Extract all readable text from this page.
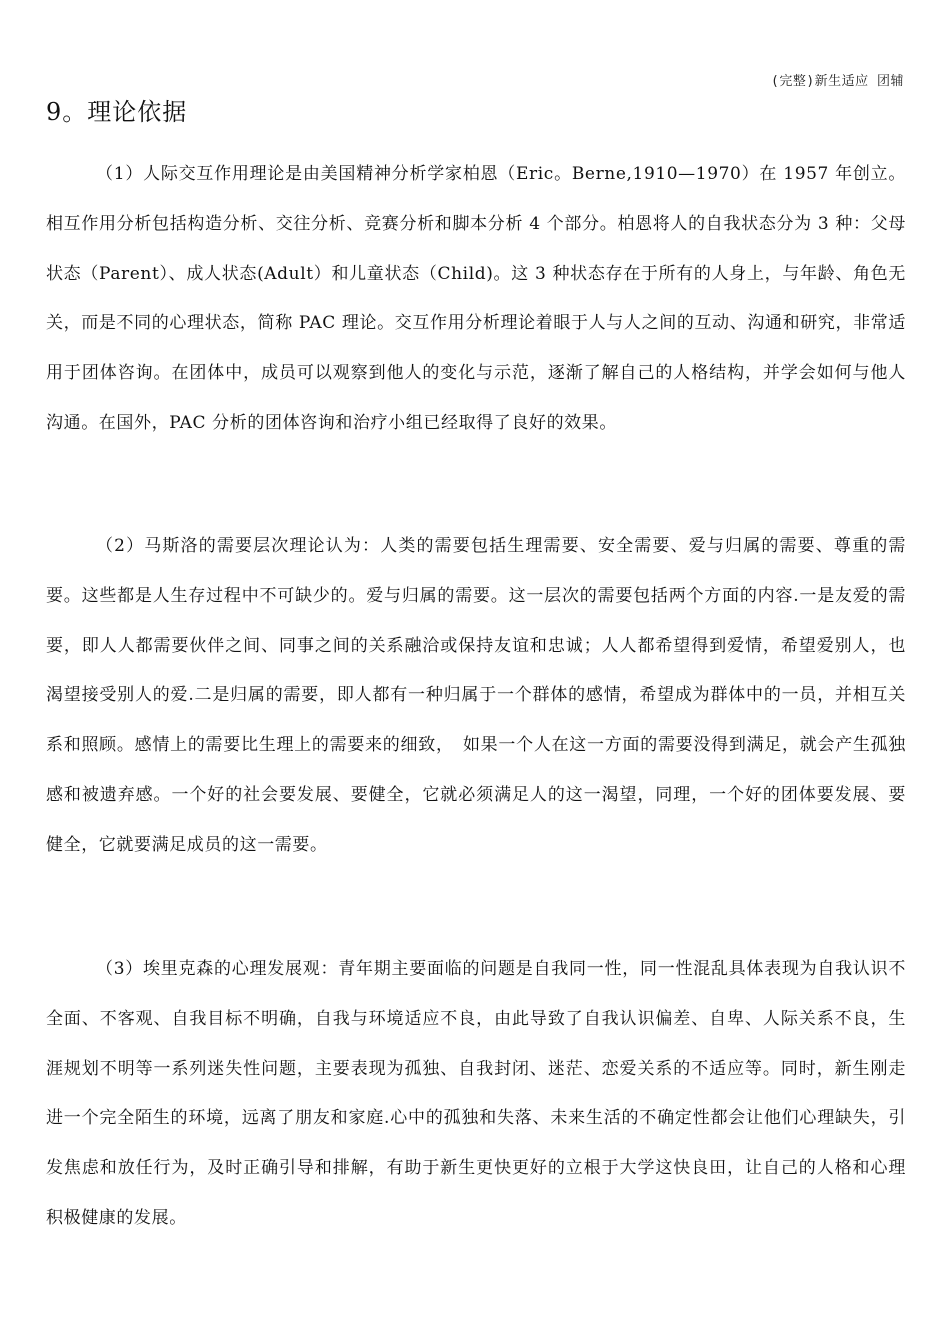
(完整)新生适应 团辅
9。理论依据

（1）人际交互作用理论是由美国精神分析学家柏恩（Eric。Berne,1910—1970）在 1957 年创立。相互作用分析包括构造分析、交往分析、竞赛分析和脚本分析 4 个部分。柏恩将人的自我状态分为 3 种：父母状态（Parent）、成人状态(Adult）和儿童状态（Child)。这 3 种状态存在于所有的人身上，与年龄、角色无关，而是不同的心理状态，简称 PAC 理论。交互作用分析理论着眼于人与人之间的互动、沟通和研究，非常适用于团体咨询。在团体中，成员可以观察到他人的变化与示范，逐渐了解自己的人格结构，并学会如何与他人沟通。在国外，PAC 分析的团体咨询和治疗小组已经取得了良好的效果。

（2）马斯洛的需要层次理论认为：人类的需要包括生理需要、安全需要、爱与归属的需要、尊重的需要。这些都是人生存过程中不可缺少的。爱与归属的需要。这一层次的需要包括两个方面的内容.一是友爱的需要，即人人都需要伙伴之间、同事之间的关系融洽或保持友谊和忠诚；人人都希望得到爱情，希望爱别人，也渴望接受别人的爱.二是归属的需要，即人都有一种归属于一个群体的感情，希望成为群体中的一员，并相互关系和照顾。感情上的需要比生理上的需要来的细致，　如果一个人在这一方面的需要没得到满足，就会产生孤独感和被遗弃感。一个好的社会要发展、要健全，它就必须满足人的这一渴望，同理，一个好的团体要发展、要健全，它就要满足成员的这一需要。

（3）埃里克森的心理发展观：青年期主要面临的问题是自我同一性，同一性混乱具体表现为自我认识不全面、不客观、自我目标不明确，自我与环境适应不良，由此导致了自我认识偏差、自卑、人际关系不良，生涯规划不明等一系列迷失性问题，主要表现为孤独、自我封闭、迷茫、恋爱关系的不适应等。同时，新生刚走进一个完全陌生的环境，远离了朋友和家庭.心中的孤独和失落、未来生活的不确定性都会让他们心理缺失，引发焦虑和放任行为，及时正确引导和排解，有助于新生更快更好的立根于大学这快良田，让自己的人格和心理积极健康的发展。
